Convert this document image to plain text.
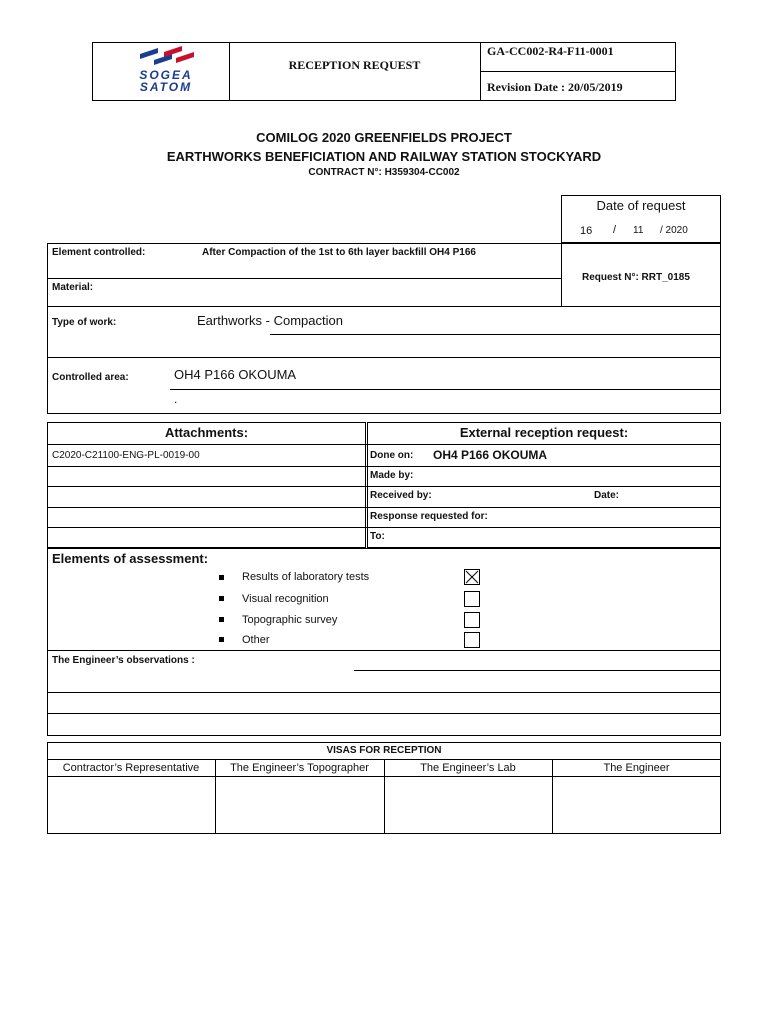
SOGEA
SATOM
RECEPTION REQUEST
GA-CC002-R4-F11-0001
Revision Date : 20/05/2019
COMILOG 2020 GREENFIELDS PROJECT
EARTHWORKS BENEFICIATION AND RAILWAY STATION STOCKYARD
CONTRACT N°: H359304-CC002
Date of request
16 / 11 / 2020
Element controlled:	After Compaction of the 1st to 6th layer backfill OH4 P166
Request N°: RRT_0185
Material:
Type of work:	Earthworks - Compaction
Controlled area:	OH4 P166 OKOUMA
.
Attachments:	External reception request:
C2020-C21100-ENG-PL-0019-00	Done on: OH4 P166 OKOUMA
Made by:
Received by:	Date:
Response requested for:
To:
Elements of assessment:
Results of laboratory tests
Visual recognition
Topographic survey
Other
The Engineer’s observations :
VISAS FOR RECEPTION
Contractor’s Representative	The Engineer’s Topographer	The Engineer’s Lab	The Engineer
